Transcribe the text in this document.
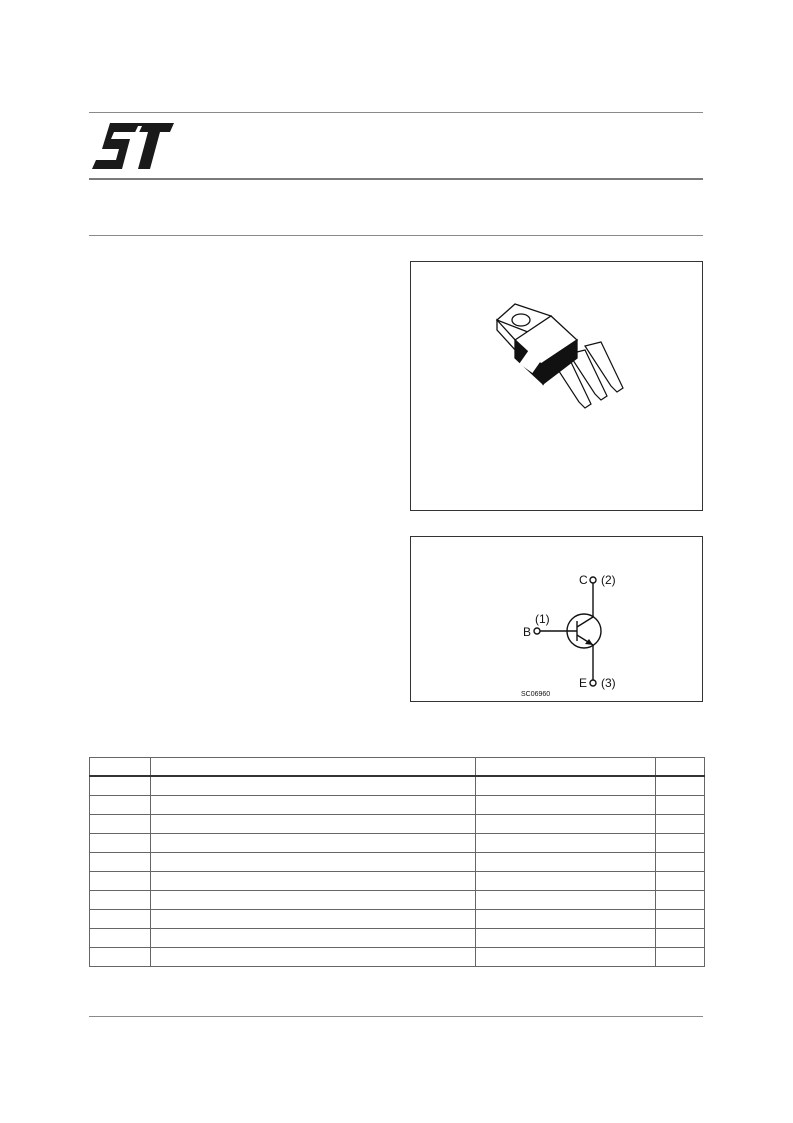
C (2)
(1)
B
E (3)
SC06960
